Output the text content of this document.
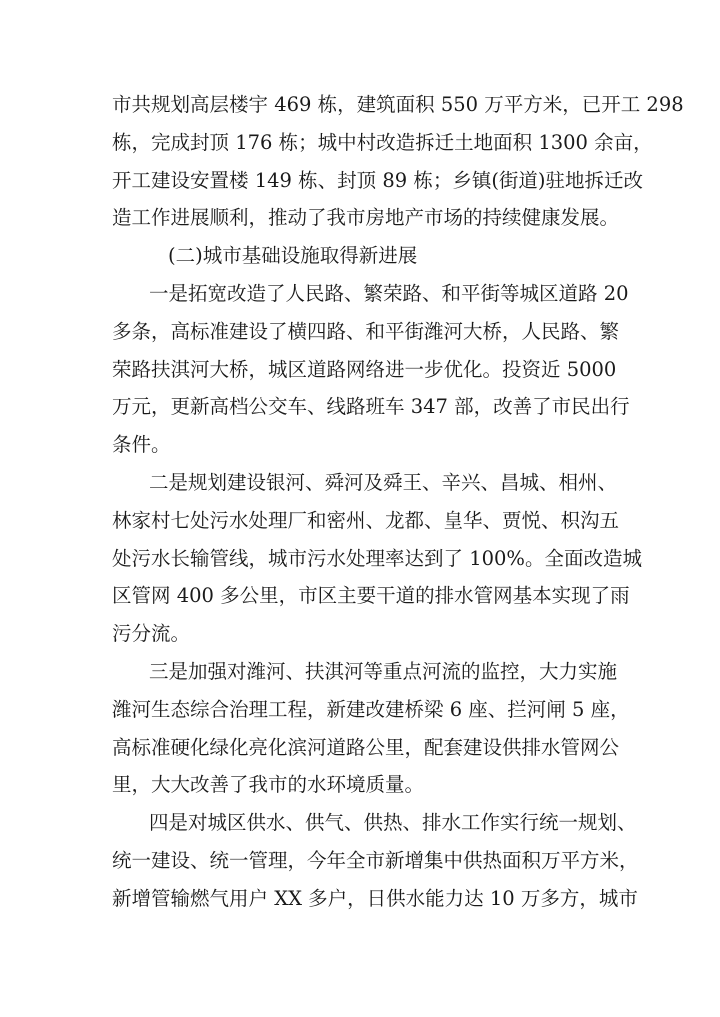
市共规划高层楼宇 469 栋，建筑面积 550 万平方米，已开工 298
栋，完成封顶 176 栋；城中村改造拆迁土地面积 1300 余亩，
开工建设安置楼 149 栋、封顶 89 栋；乡镇(街道)驻地拆迁改
造工作进展顺利，推动了我市房地产市场的持续健康发展。
(二)城市基础设施取得新进展
一是拓宽改造了人民路、繁荣路、和平街等城区道路 20
多条，高标准建设了横四路、和平街潍河大桥，人民路、繁
荣路扶淇河大桥，城区道路网络进一步优化。投资近 5000
万元，更新高档公交车、线路班车 347 部，改善了市民出行
条件。
二是规划建设银河、舜河及舜王、辛兴、昌城、相州、
林家村七处污水处理厂和密州、龙都、皇华、贾悦、枳沟五
处污水长输管线，城市污水处理率达到了 100%。全面改造城
区管网 400 多公里，市区主要干道的排水管网基本实现了雨
污分流。
三是加强对潍河、扶淇河等重点河流的监控，大力实施
潍河生态综合治理工程，新建改建桥梁 6 座、拦河闸 5 座，
高标准硬化绿化亮化滨河道路公里，配套建设供排水管网公
里，大大改善了我市的水环境质量。
四是对城区供水、供气、供热、排水工作实行统一规划、
统一建设、统一管理，今年全市新增集中供热面积万平方米，
新增管输燃气用户 XX 多户，日供水能力达 10 万多方，城市
